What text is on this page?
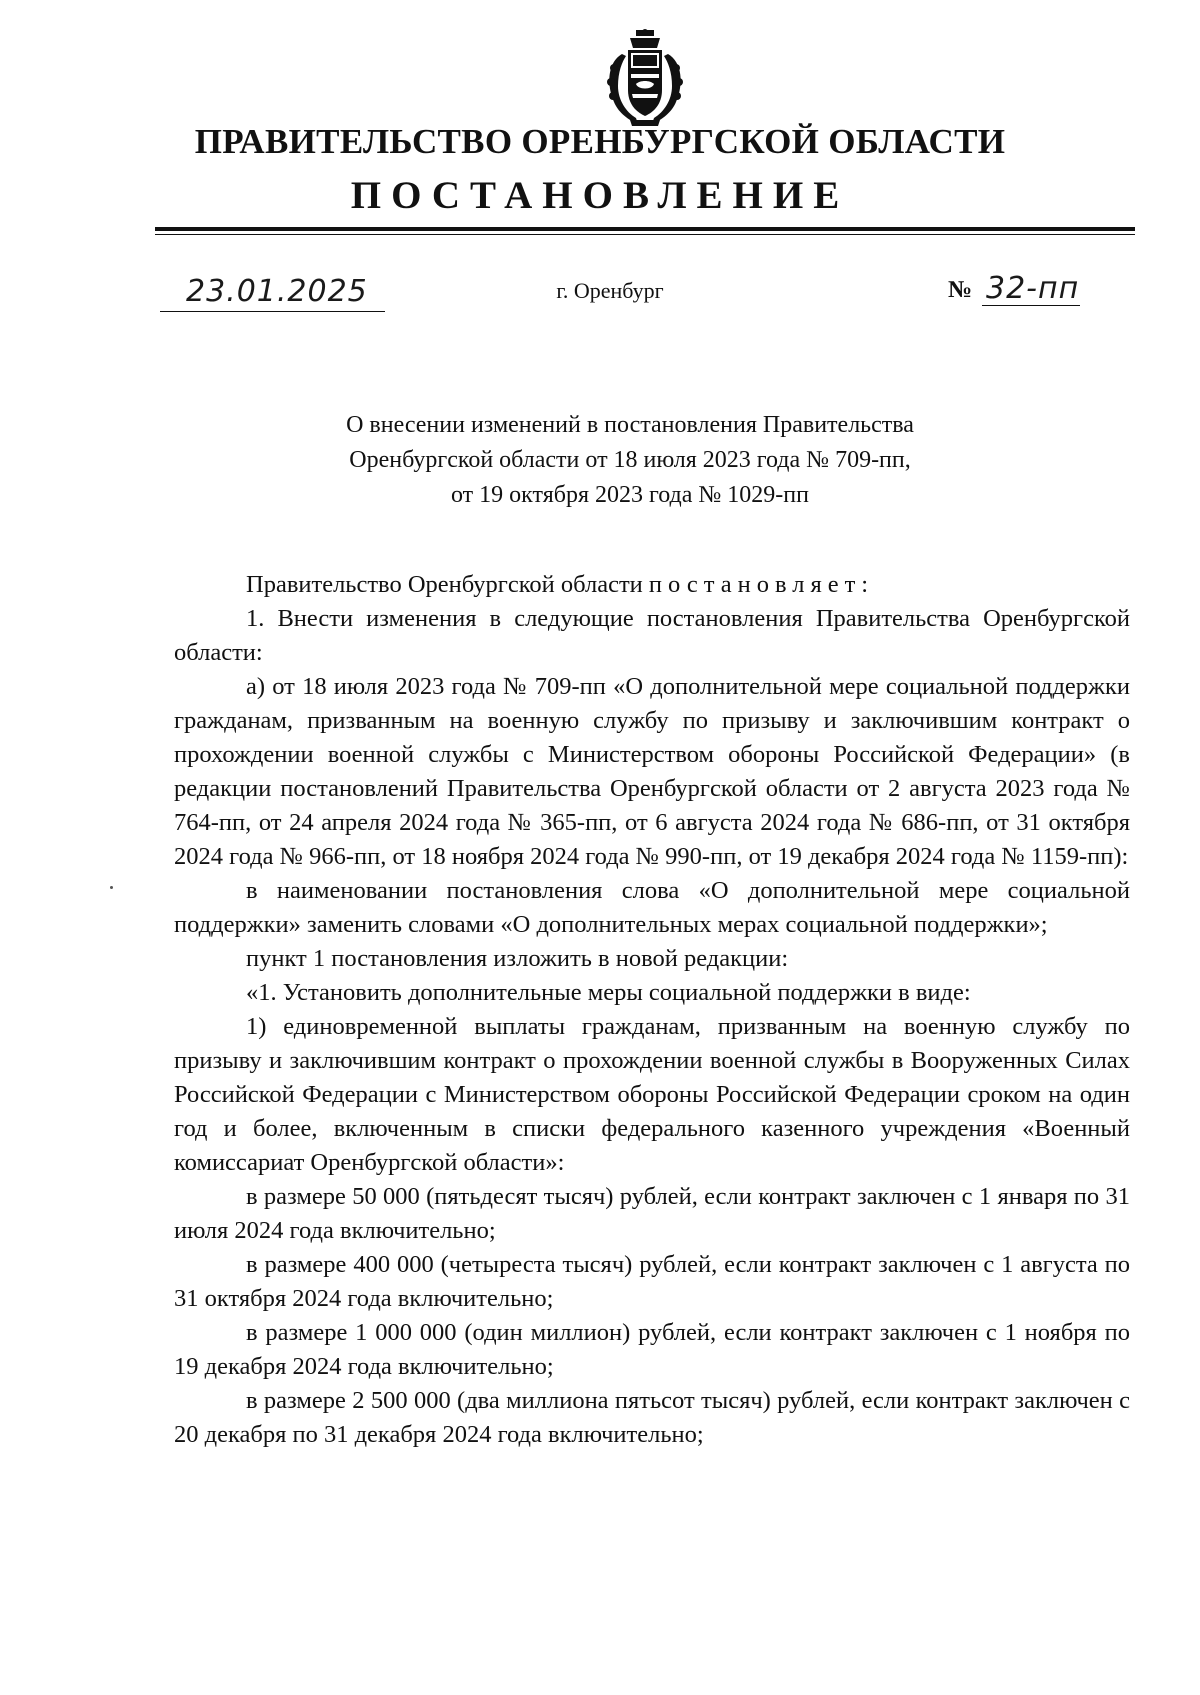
ПРАВИТЕЛЬСТВО ОРЕНБУРГСКОЙ ОБЛАСТИ
ПОСТАНОВЛЕНИЕ
23.01.2025	г. Оренбург	№ 32-пп
О внесении изменений в постановления Правительства
Оренбургской области от 18 июля 2023 года № 709-пп,
от 19 октября 2023 года № 1029-пп

Правительство Оренбургской области постановляет:

1. Внести изменения в следующие постановления Правительства Оренбургской области:

а) от 18 июля 2023 года № 709-пп «О дополнительной мере социальной поддержки гражданам, призванным на военную службу по призыву и заключившим контракт о прохождении военной службы с Министерством обороны Российской Федерации» (в редакции постановлений Правительства Оренбургской области от 2 августа 2023 года № 764-пп, от 24 апреля 2024 года № 365-пп, от 6 августа 2024 года № 686-пп, от 31 октября 2024 года № 966-пп, от 18 ноября 2024 года № 990-пп, от 19 декабря 2024 года № 1159-пп):

в наименовании постановления слова «О дополнительной мере социальной поддержки» заменить словами «О дополнительных мерах социальной поддержки»;

пункт 1 постановления изложить в новой редакции:

«1. Установить дополнительные меры социальной поддержки в виде:

1) единовременной выплаты гражданам, призванным на военную службу по призыву и заключившим контракт о прохождении военной службы в Вооруженных Силах Российской Федерации с Министерством обороны Российской Федерации сроком на один год и более, включенным в списки федерального казенного учреждения «Военный комиссариат Оренбургской области»:

в размере 50 000 (пятьдесят тысяч) рублей, если контракт заключен с 1 января по 31 июля 2024 года включительно;

в размере 400 000 (четыреста тысяч) рублей, если контракт заключен с 1 августа по 31 октября 2024 года включительно;

в размере 1 000 000 (один миллион) рублей, если контракт заключен с 1 ноября по 19 декабря 2024 года включительно;

в размере 2 500 000 (два миллиона пятьсот тысяч) рублей, если контракт заключен с 20 декабря по 31 декабря 2024 года включительно;
